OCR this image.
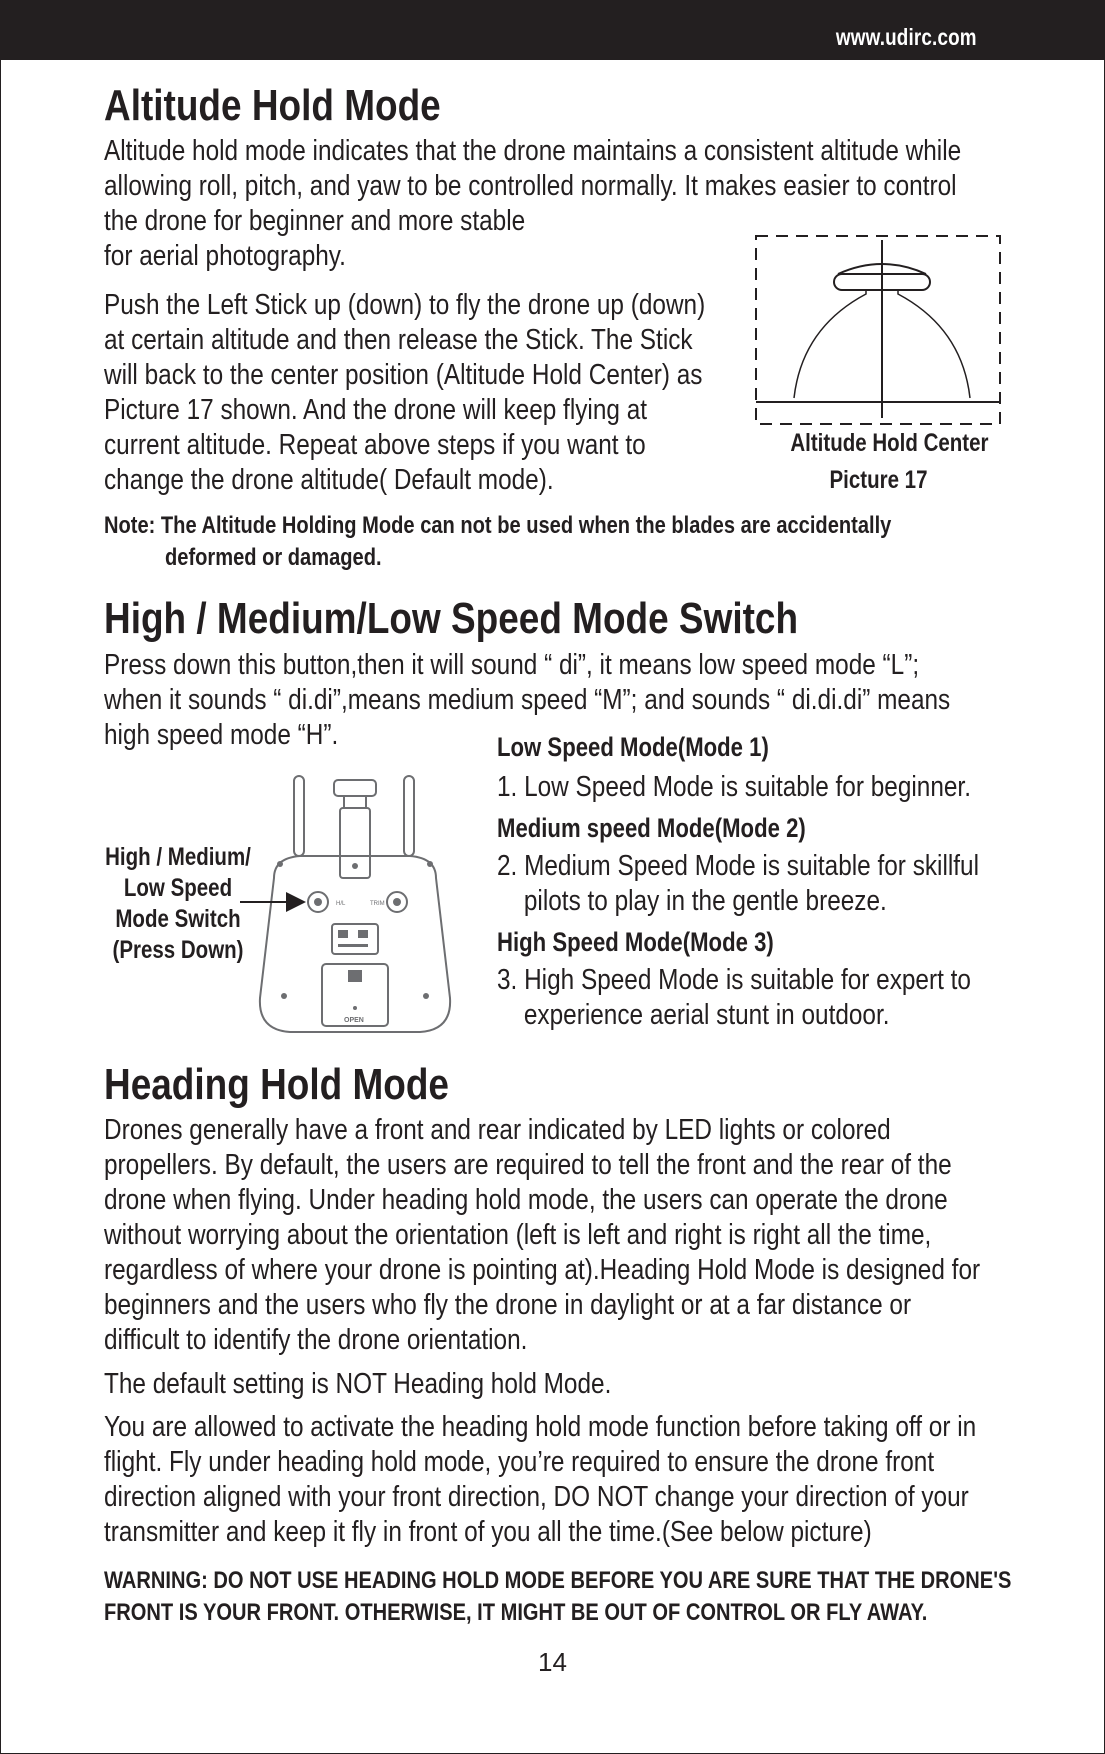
www.udirc.com
Altitude Hold Mode
Altitude hold mode indicates that the drone maintains a consistent altitude while
allowing roll, pitch, and yaw to be controlled normally. It makes easier to control
the drone for beginner and more stable
for aerial photography.
Push the Left Stick up (down) to fly the drone up (down)
at certain altitude and then release the Stick. The Stick
will back to the center position (Altitude Hold Center) as
Picture 17 shown. And the drone will keep flying at
current altitude. Repeat above steps if you want to
change the drone altitude( Default mode).
Altitude Hold Center
Picture 17
Note: The Altitude Holding Mode can not be used when the blades are accidentally
deformed or damaged.
High / Medium/Low Speed Mode Switch
Press down this button,then it will sound “ di”, it means low speed mode “L”;
when it sounds “ di.di”,means medium speed “M”; and sounds “ di.di.di” means
high speed mode “H”.
High / Medium/
Low Speed
Mode Switch
(Press Down)
H/L	TRIM
OPEN
Low Speed Mode(Mode 1)
1. Low Speed Mode is suitable for beginner.
Medium speed Mode(Mode 2)
2. Medium Speed Mode is suitable for skillful
pilots to play in the gentle breeze.
High Speed Mode(Mode 3)
3. High Speed Mode is suitable for expert to
experience aerial stunt in outdoor.
Heading Hold Mode
Drones generally have a front and rear indicated by LED lights or colored
propellers. By default, the users are required to tell the front and the rear of the
drone when flying. Under heading hold mode, the users can operate the drone
without worrying about the orientation (left is left and right is right all the time,
regardless of where your drone is pointing at).Heading Hold Mode is designed for
beginners and the users who fly the drone in daylight or at a far distance or
difficult to identify the drone orientation.
The default setting is NOT Heading hold Mode.
You are allowed to activate the heading hold mode function before taking off or in
flight. Fly under heading hold mode, you’re required to ensure the drone front
direction aligned with your front direction, DO NOT change your direction of your
transmitter and keep it fly in front of you all the time.(See below picture)
WARNING: DO NOT USE HEADING HOLD MODE BEFORE YOU ARE SURE THAT THE DRONE'S
FRONT IS YOUR FRONT. OTHERWISE, IT MIGHT BE OUT OF CONTROL OR FLY AWAY.
14
